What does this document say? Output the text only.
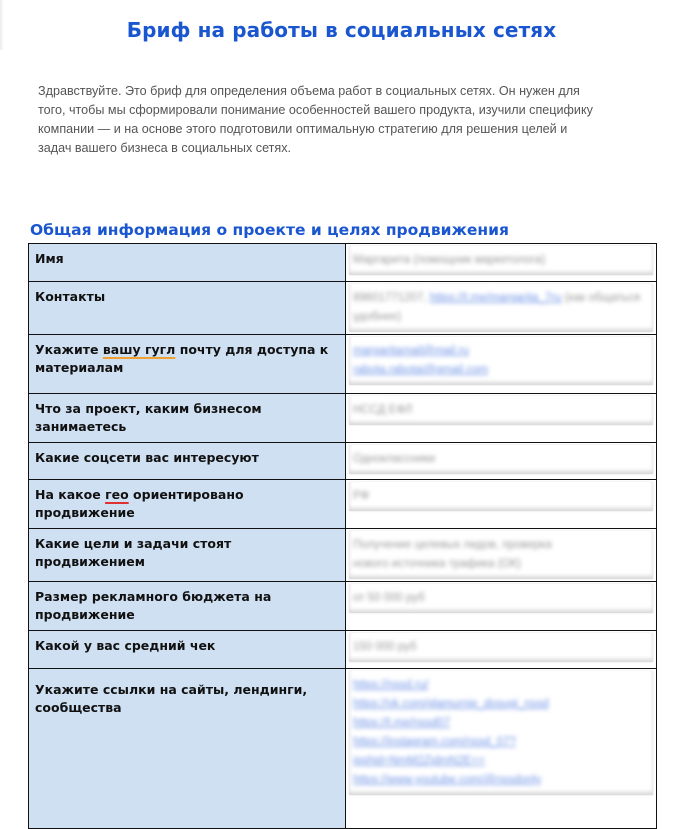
Бриф на работы в социальных сетях
Здравствуйте. Это бриф для определения объема работ в социальных сетях. Он нужен для того, чтобы мы сформировали понимание особенностей вашего продукта, изучили специфику компании — и на основе этого подготовили оптимальную стратегию для решения целей и задач вашего бизнеса в социальных сетях.
Общая информация о проекте и целях продвижения
Имя	Маргарита (помощник маркетолога)

Контакты	89601771207, https://t.me/margarita_7ru (как общаться удобнее)

Укажите вашу гугл почту для доступа к материалам	margaritamail@mail.ru
rabota.rabotai@gmail.com

Что за проект, каким бизнесом занимаетесь	НССД ЕФЛ

Какие соцсети вас интересуют	Одноклассники

На какое гео ориентировано продвижение	РФ

Какие цели и задачи стоят продвижением	Получение целевых лидов, проверка
нового источника трафика (ОК)

Размер рекламного бюджета на продвижение	от 50 000 руб

Какой у вас средний чек	150 000 руб

Укажите ссылки на сайты, лендинги, сообщества	https://nssd.ru/
https://vk.com/glamurnie_dosugi_nssd
https://t.me/nssd07
https://instagram.com/nssd_07?igshid=NmM2ZjdmN2E==
https://www.youtube.com/@nssdonly
